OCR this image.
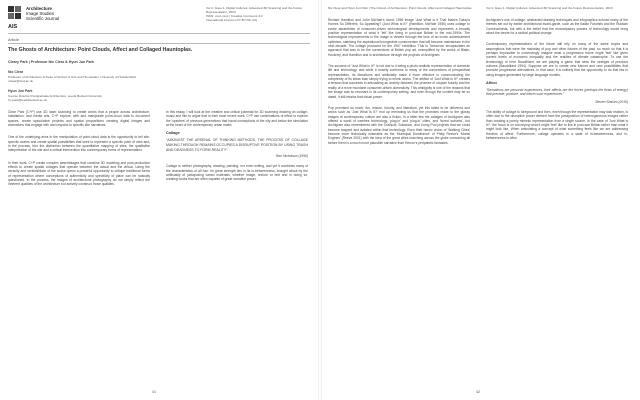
Architecture
Image Studies
Scientific Journal
AIS
Vol 4, Issue 1, Digital Cultures: Advanced 3D Scanning and the Future Representation, 2023
ISSN: xxxx-xxxx | Creative Commons 4.0
International License (CC BY-NC 4.0)
Article
The Ghosts of Architecture: Point Clouds, Affect and Collaged Hauntoplas.
Cleary Park | Professor Nic Clear & Hyun Jun Park
Nic Clear
Professor of Architecture & Dean of School of Arts and Humanities, University of Huddersfield
nclear@hud.ac.uk
Hyun Jun Park
Course Director Postgraduate Architecture, Leeds Beckett University
h.j.park@leedsbeckett.ac.uk

Clear Park (C+P) use 3D laser scanning to create works that a people across architecture, installation, and media arts. C+P explore, with and manipulate point-cloud data to document spaces, create speculative projects and spatial propositions creating digital images and animations that engage with and respond to specific site narratives.

One of the underlying aims in the manipulation of point-cloud data is the opportunity to tell site-specific stories and create spatial possibilities that seek to represent a specific point of view and, in the process, blur the distinction between the quantitative mapping of sites, the qualitative interpretation of the site and a critical intervention into contemporary forms of representation.

In their work, C+P create complex assemblages that combine 3D modeling and post-production effects to create spatial collages that operate between the actual and the virtual. Using the veracity and verisimilitude of the scans opens a powerful opportunity to critique traditional forms of representation where conceptions of authenticity and specificity of place can be radically questioned. In the process, the images of architectural photography do not simply reflect the inherent qualities of the architecture but actively construct those qualities.

In this essay, I will look at the creative and critical potential for 3D scanning drawing on collage, music and film to argue that in their most recent work, C+P use combinations of effect to explore the 'spectres' of previous generations that haunt conceptions of the city and below the simulation at the heart of the contemporary urban realm.

Collage

"AMONGST THE ARSENAL OF THINKING METHODS, THE PROCESS OF COLLAGE MAKING THROUGH REMAINS OCCUPIES A DISRUPTIVE POSITION BY USING TRASH AND DEADNESS TO FORM REALITY".

Ben Nicholson (1990)

Collage is neither photography, drawing, painting, nor even writing, and yet it combines many of the characteristics of all four. Its great strength lies in its in-betweenness, brought about by the artificiality of juxtaposing varied materials, whether image, texture or text and in doing so, creating works that are often capable of great narrative power.

41
Nic Clear and Hyun Jun Park | The Ghosts of Architecture: Point Clouds, Affect and Collaged Hauntoplas.	Vol 4, Issue 1, Digital Cultures: Advanced 3D Scanning and the Future Representation, 2023

Richard Hamilton and John McHale's iconic 1956 image 'Just What is it That Makes Today's Homes So Different, So Appealing? (Just What is it?' (Hamilton, McHale 1956) uses collage to evoke assemblies of consumer-driven technological developments and represents a broadly positive representation of what it 'felt' like living in post-war Britain in the mid-1950s. The technological improvements in the image is viewed through the lens of an iconic advertisement optimism, satirising the aspirational bourgeoisie consumerism that will become mainstream in the next decade. The collage produced for the 1957 exhibition 'This Is Tomorrow' encapsulates an approach that was to be the cornerstone of British pop art, exemplified by the works of Blake, Hockney, and Hamilton and in architecture through the projects of Archigram.

The success of 'Just What is It?' is not due to it being a photo-realistic representation of domestic life and technology, and while it loosely conforms to many of the conventions of perspectival representation, its distortions and artificiality make it more effective in communicating the complexity of its ideas than simply trying to mimic works. The artifice of 'Just What is It?' creates a tension that succeeds in articulating an anxiety between the promise of utopian futurity and the reality of a more mundane consumer-driven domesticity. This ambiguity is one of the reasons that the image was so resonant in its contemporary setting, and even though the content may be so dated, it still retains that visual power.

Pop promised so much: fun, leisure, futurity, and liberation, yet this failed to be delivered and works such as 'Just What Is It?' end up reminding us that the promises made to the glossy images of contemporary culture are also a fiction. In a bitter few the collages of Archigram also offered a world of carefree technology, 'plug-in' and 'plug-in' cities, and 'tuned suburbs', but Archigram also remembered with the Cushicle, Suitaloon, and Living Pod projects that we could become trapped and isolated within that technology. Even their heroic vision of 'Walking Cities' become more technically miserable as the 'Municipal Dominance' of Philip Reeve's 'Mortal Engines' (Reeve 2001) with the idea of the great cities marching across the globe consuming all before them is a much more plausible narrative than Herron's peripatetic fantasies.

Archigram's use of collage, abstracted drawing techniques and infographics echoed many of the themes set out by earlier architectural avant-garde, such as the Italian Futurists and the Russian Constructivists, but with a the belief that the emancipatory powers of technology would bring about the desire for a radical political change.

Contemporary representations of the future still rely on many of the same tropes and assumptions that were the mainstay of pop and other futures of the past, so much so that it is perhaps impossible to convincingly imagine what a progressive future might 'feel' like given current levels of economic inequality and the realities of climate catastrophe. To use the terminology of hero Baudrillard, we are playing a game that sees the vestiges of previous cultures (Baudrillard 1994). Suppose we are to create new futures and new possibilities that promote progressive alternatives. In that case, it is unlikely that the opportunity to do that lies in using images generated by large language models.

Affect

"Sensations are personal experiences, their affects are the forces (perhaps the flows of energy) that precede, produce, and inform such experiences."

Steven Shaviro (2010)

The ability of collage to foreground and then, even though the representation may lack realism, is often due to the disruptive power derived from the juxtaposition of heterogeneous images rather than creating a purely mimetic representation from a single source. In the case of 'Just What is It?', the focus is on conveying what it might 'feel' like to live in post-war Britain rather than what it might look like. When articulating a concept of what something feels like we are addressing theories of affect. Furthermore, collage operates in a state of in-betweenness, and in-betweenness is often

42
